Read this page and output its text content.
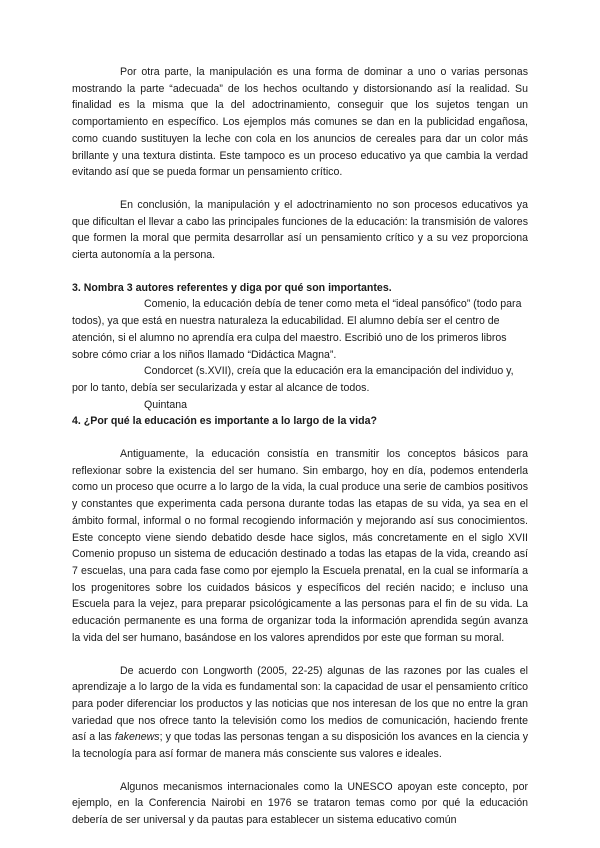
Por otra parte, la manipulación es una forma de dominar a uno o varias personas mostrando la parte “adecuada” de los hechos ocultando y distorsionando así la realidad. Su finalidad es la misma que la del adoctrinamiento, conseguir que los sujetos tengan un comportamiento en específico. Los ejemplos más comunes se dan en la publicidad engañosa, como cuando sustituyen la leche con cola en los anuncios de cereales para dar un color más brillante y una textura distinta. Este tampoco es un proceso educativo ya que cambia la verdad evitando así que se pueda formar un pensamiento crítico.

En conclusión, la manipulación y el adoctrinamiento no son procesos educativos ya que dificultan el llevar a cabo las principales funciones de la educación: la transmisión de valores que formen la moral que permita desarrollar así un pensamiento crítico y a su vez proporciona cierta autonomía a la persona.

3. Nombra 3 autores referentes y diga por qué son importantes.

Comenio, la educación debía de tener como meta el “ideal pansófico” (todo para todos), ya que está en nuestra naturaleza la educabilidad. El alumno debía ser el centro de atención, si el alumno no aprendía era culpa del maestro. Escribió uno de los primeros libros sobre cómo criar a los niños llamado “Didáctica Magna”.

Condorcet (s.XVII), creía que la educación era la emancipación del individuo y, por lo tanto, debía ser secularizada y estar al alcance de todos.

Quintana

4. ¿Por qué la educación es importante a lo largo de la vida?

Antiguamente, la educación consistía en transmitir los conceptos básicos para reflexionar sobre la existencia del ser humano. Sin embargo, hoy en día, podemos entenderla como un proceso que ocurre a lo largo de la vida, la cual produce una serie de cambios positivos y constantes que experimenta cada persona durante todas las etapas de su vida, ya sea en el ámbito formal, informal o no formal recogiendo información y mejorando así sus conocimientos. Este concepto viene siendo debatido desde hace siglos, más concretamente en el siglo XVII Comenio propuso un sistema de educación destinado a todas las etapas de la vida, creando así 7 escuelas, una para cada fase como por ejemplo la Escuela prenatal, en la cual se informaría a los progenitores sobre los cuidados básicos y específicos del recién nacido; e incluso una Escuela para la vejez, para preparar psicológicamente a las personas para el fin de su vida. La educación permanente es una forma de organizar toda la información aprendida según avanza la vida del ser humano, basándose en los valores aprendidos por este que forman su moral.

De acuerdo con Longworth (2005, 22-25) algunas de las razones por las cuales el aprendizaje a lo largo de la vida es fundamental son: la capacidad de usar el pensamiento crítico para poder diferenciar los productos y las noticias que nos interesan de los que no entre la gran variedad que nos ofrece tanto la televisión como los medios de comunicación, haciendo frente así a las fakenews; y que todas las personas tengan a su disposición los avances en la ciencia y la tecnología para así formar de manera más consciente sus valores e ideales.

Algunos mecanismos internacionales como la UNESCO apoyan este concepto, por ejemplo, en la Conferencia Nairobi en 1976 se trataron temas como por qué la educación debería de ser universal y da pautas para establecer un sistema educativo común
